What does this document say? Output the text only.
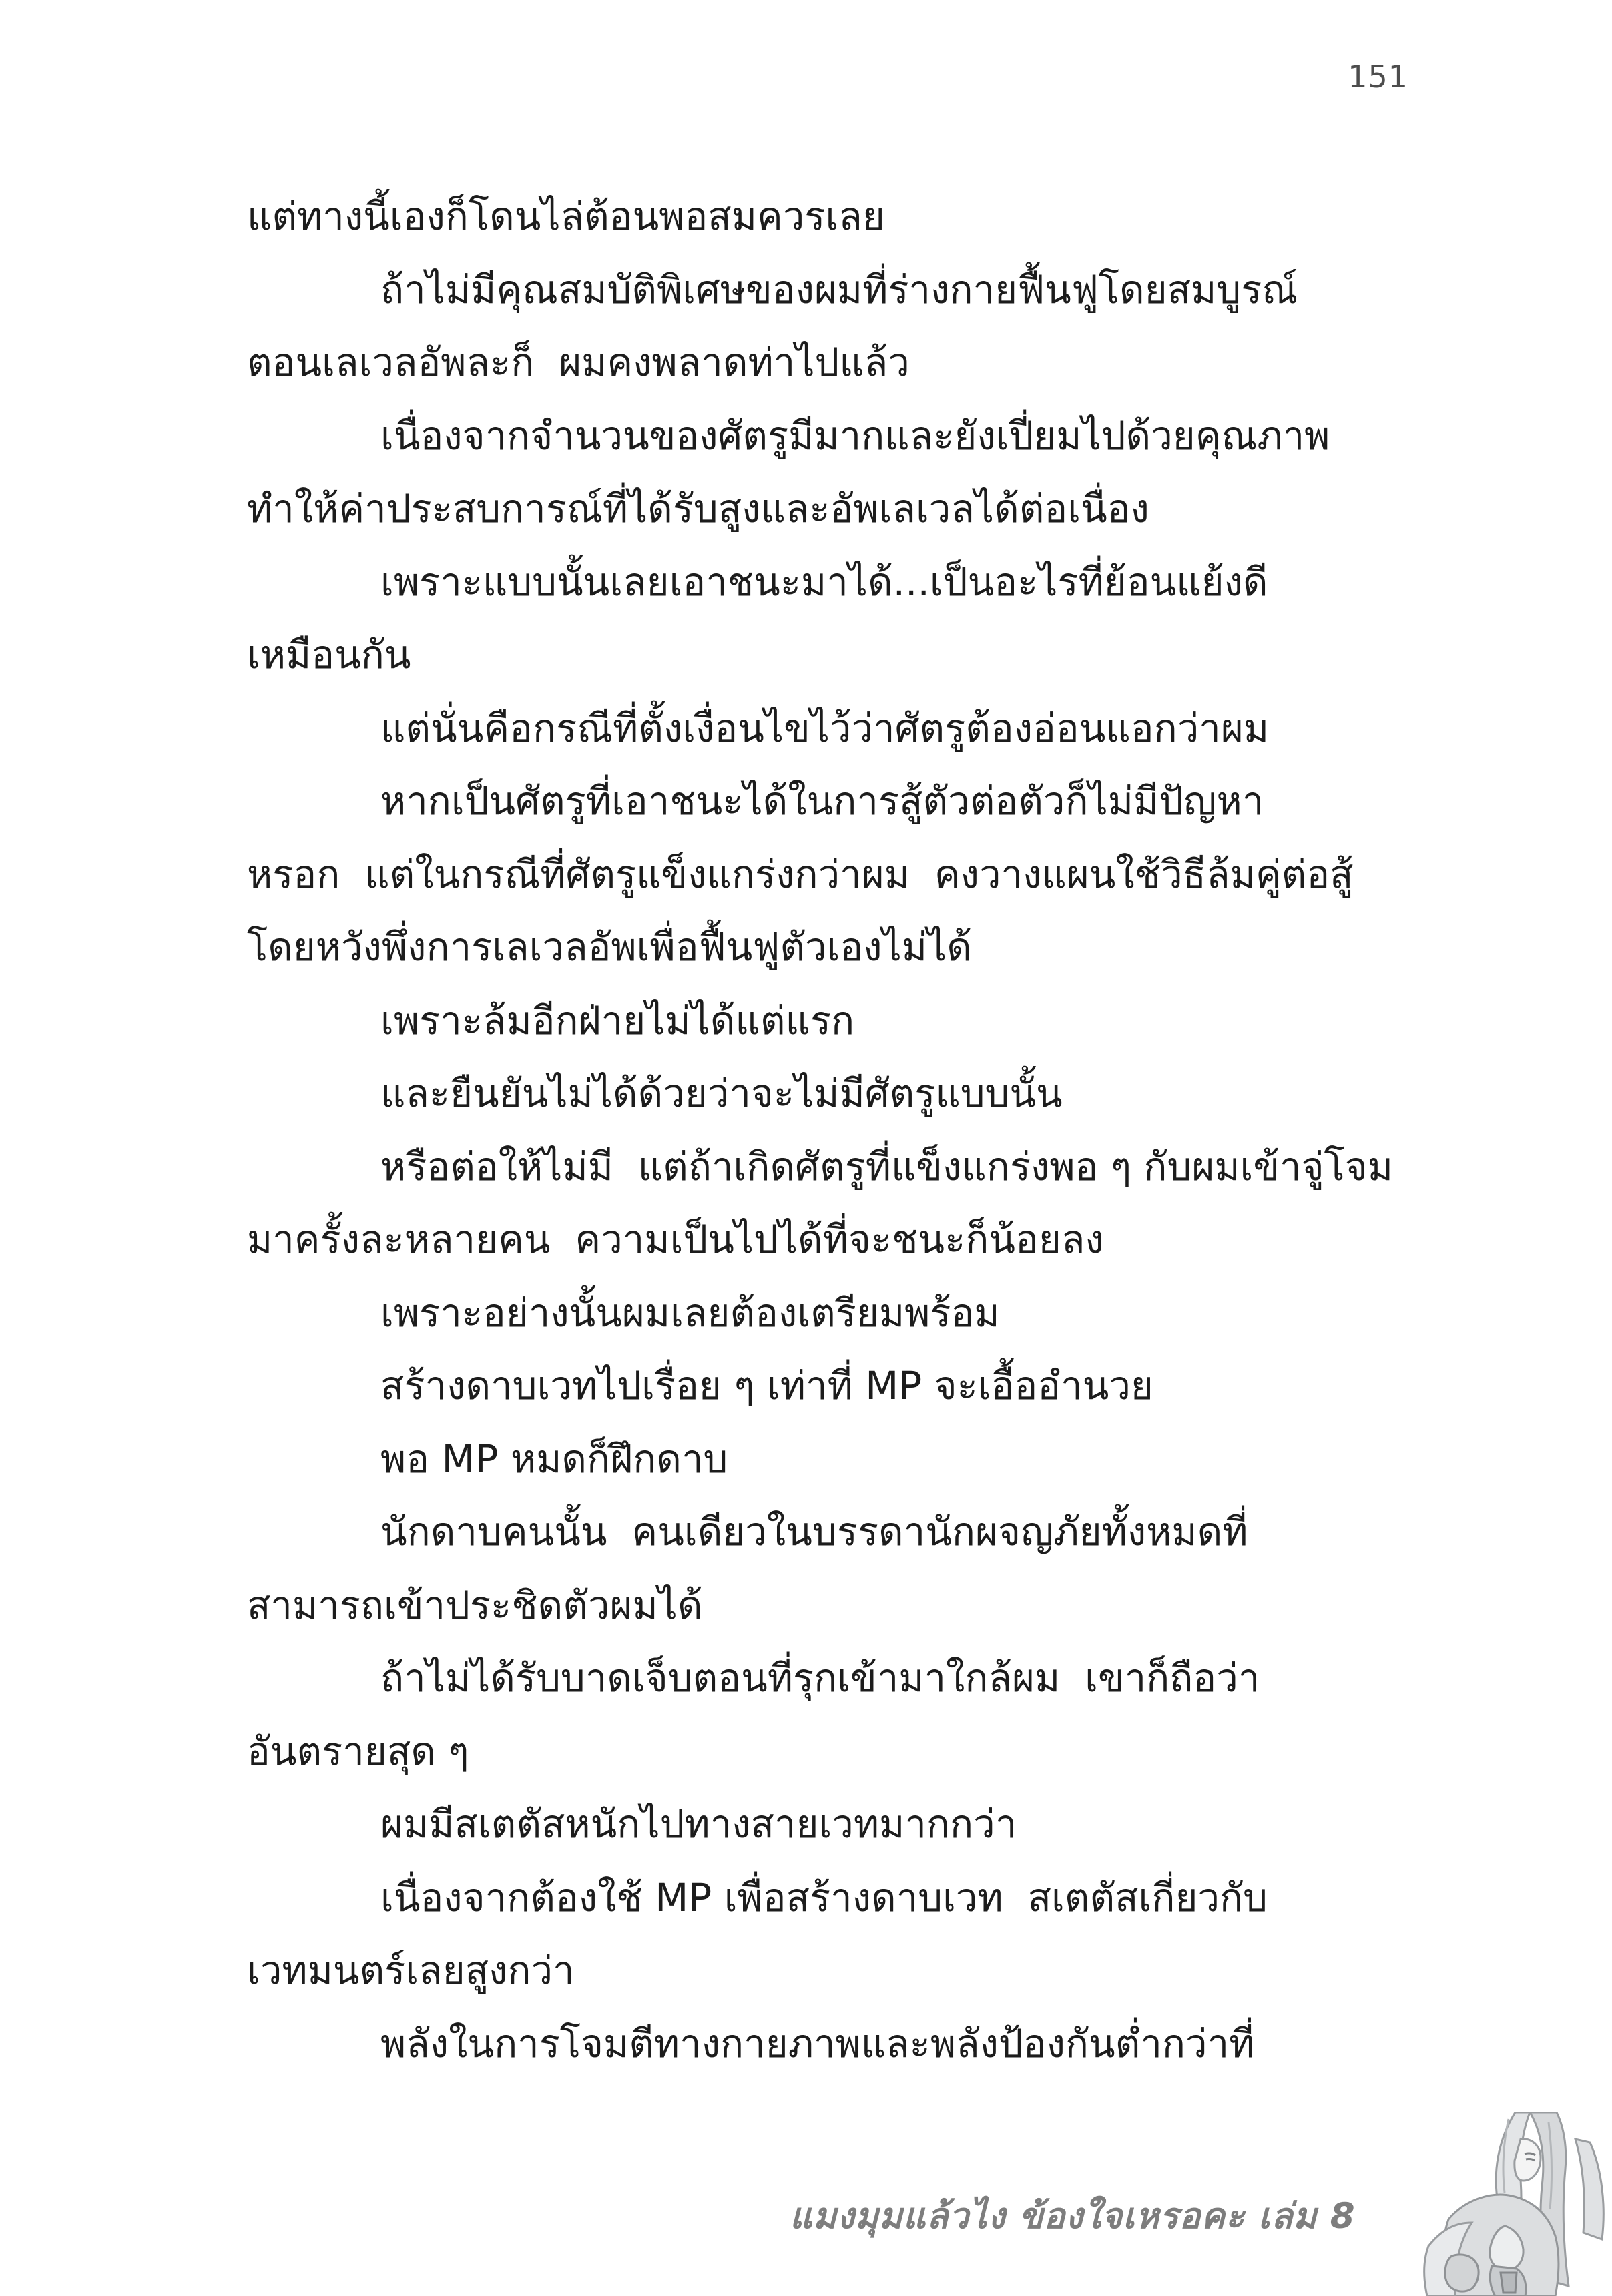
151

แต่ทางนี้เองก็โดนไล่ต้อนพอสมควรเลย

ถ้าไม่มีคุณสมบัติพิเศษของผมที่ร่างกายฟื้นฟูโดยสมบูรณ์

ตอนเลเวลอัพละก็  ผมคงพลาดท่าไปแล้ว

เนื่องจากจำนวนของศัตรูมีมากและยังเปี่ยมไปด้วยคุณภาพ

ทำให้ค่าประสบการณ์ที่ได้รับสูงและอัพเลเวลได้ต่อเนื่อง

เพราะแบบนั้นเลยเอาชนะมาได้...เป็นอะไรที่ย้อนแย้งดี

เหมือนกัน

แต่นั่นคือกรณีที่ตั้งเงื่อนไขไว้ว่าศัตรูต้องอ่อนแอกว่าผม

หากเป็นศัตรูที่เอาชนะได้ในการสู้ตัวต่อตัวก็ไม่มีปัญหา

หรอก  แต่ในกรณีที่ศัตรูแข็งแกร่งกว่าผม  คงวางแผนใช้วิธีล้มคู่ต่อสู้

โดยหวังพึ่งการเลเวลอัพเพื่อฟื้นฟูตัวเองไม่ได้

เพราะล้มอีกฝ่ายไม่ได้แต่แรก

และยืนยันไม่ได้ด้วยว่าจะไม่มีศัตรูแบบนั้น

หรือต่อให้ไม่มี  แต่ถ้าเกิดศัตรูที่แข็งแกร่งพอ ๆ กับผมเข้าจู่โจม

มาครั้งละหลายคน  ความเป็นไปได้ที่จะชนะก็น้อยลง

เพราะอย่างนั้นผมเลยต้องเตรียมพร้อม

สร้างดาบเวทไปเรื่อย ๆ เท่าที่ MP จะเอื้ออำนวย

พอ MP หมดก็ฝึกดาบ

นักดาบคนนั้น  คนเดียวในบรรดานักผจญภัยทั้งหมดที่

สามารถเข้าประชิดตัวผมได้

ถ้าไม่ได้รับบาดเจ็บตอนที่รุกเข้ามาใกล้ผม  เขาก็ถือว่า

อันตรายสุด ๆ

ผมมีสเตตัสหนักไปทางสายเวทมากกว่า

เนื่องจากต้องใช้ MP เพื่อสร้างดาบเวท  สเตตัสเกี่ยวกับ

เวทมนตร์เลยสูงกว่า

พลังในการโจมตีทางกายภาพและพลังป้องกันต่ำกว่าที่

แมงมุมแล้วไง ข้องใจเหรอคะ เล่ม 8
